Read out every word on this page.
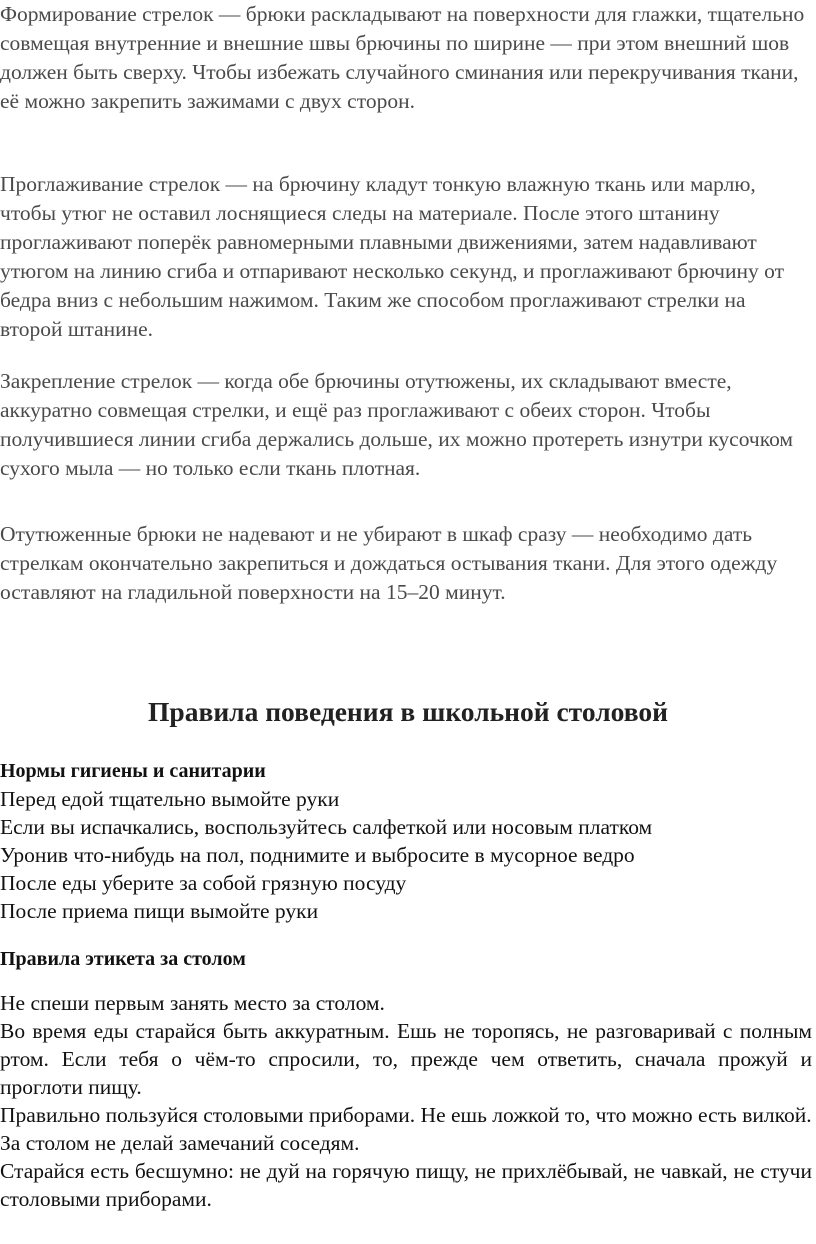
Формирование стрелок — брюки раскладывают на поверхности для глажки, тщательно совмещая внутренние и внешние швы брючины по ширине — при этом внешний шов должен быть сверху. Чтобы избежать случайного сминания или перекручивания ткани, её можно закрепить зажимами с двух сторон.

Проглаживание стрелок — на брючину кладут тонкую влажную ткань или марлю, чтобы утюг не оставил лоснящиеся следы на материале. После этого штанину проглаживают поперёк равномерными плавными движениями, затем надавливают утюгом на линию сгиба и отпаривают несколько секунд, и проглаживают брючину от бедра вниз с небольшим нажимом. Таким же способом проглаживают стрелки на второй штанине.

Закрепление стрелок — когда обе брючины отутюжены, их складывают вместе, аккуратно совмещая стрелки, и ещё раз проглаживают с обеих сторон. Чтобы получившиеся линии сгиба держались дольше, их можно протереть изнутри кусочком сухого мыла — но только если ткань плотная.

Отутюженные брюки не надевают и не убирают в шкаф сразу — необходимо дать стрелкам окончательно закрепиться и дождаться остывания ткани. Для этого одежду оставляют на гладильной поверхности на 15–20 минут.

Правила поведения в школьной столовой
Нормы гигиены и санитарии
Перед едой тщательно вымойте руки
Если вы испачкались, воспользуйтесь салфеткой или носовым платком
Уронив что-нибудь на пол, поднимите и выбросите в мусорное ведро
После еды уберите за собой грязную посуду
После приема пищи вымойте руки
Правила этикета за столом

Не спеши первым занять место за столом.

Во время еды старайся быть аккуратным. Ешь не торопясь, не разговаривай с полным ртом. Если тебя о чём-то спросили, то, прежде чем ответить, сначала прожуй и проглоти пищу.

Правильно пользуйся столовыми приборами. Не ешь ложкой то, что можно есть вилкой.

За столом не делай замечаний соседям.

Старайся есть бесшумно: не дуй на горячую пищу, не прихлёбывай, не чавкай, не стучи столовыми приборами.
